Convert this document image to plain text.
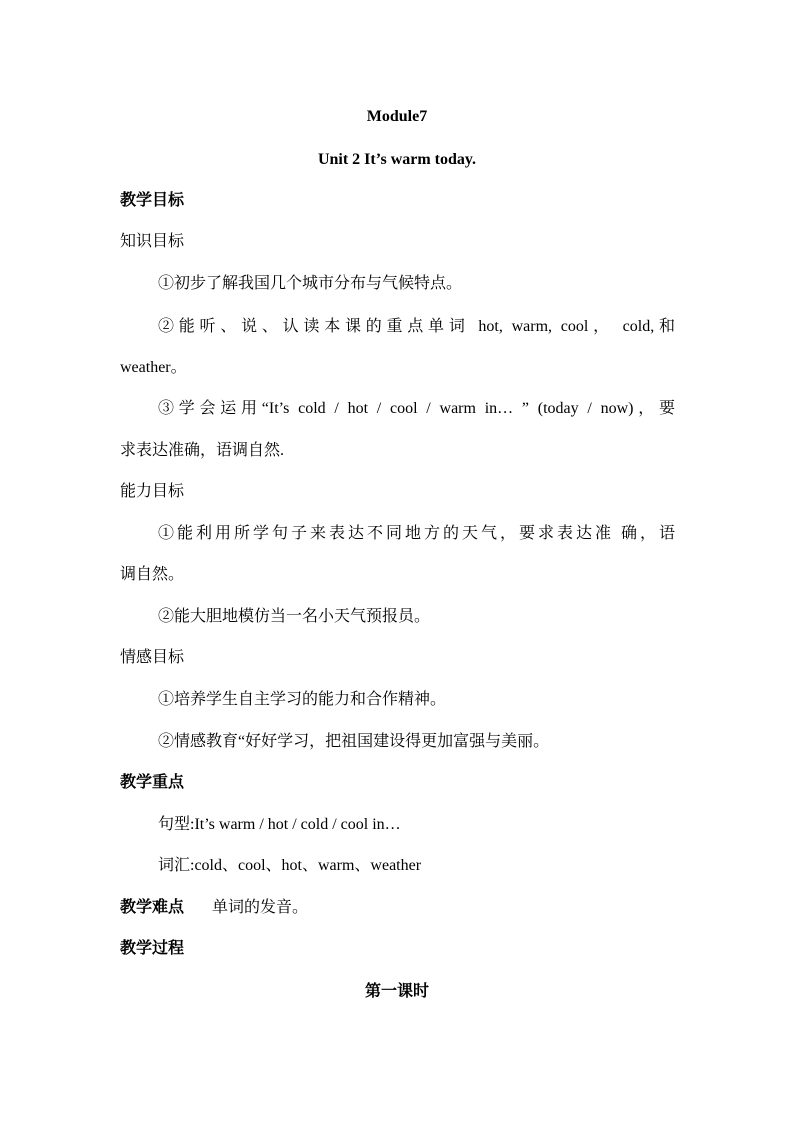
Module7
Unit 2 It’s warm today.
教学目标
知识目标
①初步了解我国几个城市分布与气候特点。
②能听、说、认读本课的重点单词 hot, warm, cool， cold,和
weather。
③学会运用“It’s cold / hot / cool / warm in… ” (today / now)，要
求表达准确，语调自然.
能力目标
①能利用所学句子来表达不同地方的天气，要求表达准 确，语
调自然。
②能大胆地模仿当一名小天气预报员。
情感目标
①培养学生自主学习的能力和合作精神。
②情感教育“好好学习，把祖国建设得更加富强与美丽。
教学重点
句型:It’s warm / hot / cold / cool in…
词汇:cold、cool、hot、warm、weather
教学难点 单词的发音。
教学过程
第一课时
